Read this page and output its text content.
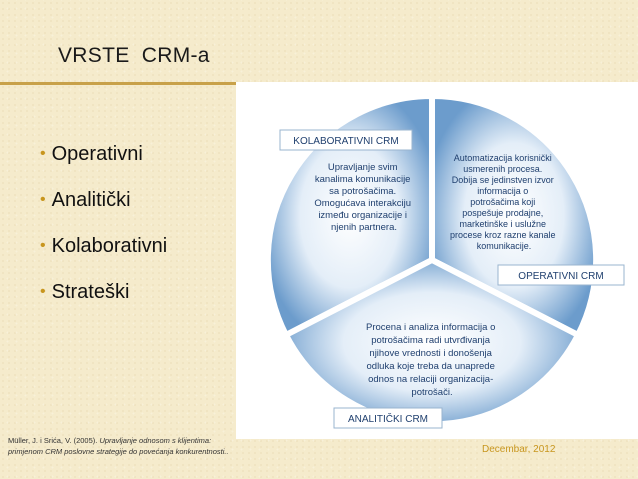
VRSTE  CRM-a
• Operativni
• Analitički
• Kolaborativni
• Strateški
KOLABORATIVNI CRM
OPERATIVNI CRM
ANALITIČKI CRM
Upravljanje svim kanalima komunikacije sa potrošačima. Omogućava interakciju između organizacije i njenih partnera.
Automatizacija korisnički usmerenih procesa. Dobija se jedinstven izvor informacija o potrošačima koji pospešuje prodajne, marketinške i uslužne procese kroz razne kanale komunikacije.
Procena i analiza informacija o potrošačima radi utvrđivanja njihove vrednosti i donošenja odluka koje treba da unaprede odnos na relaciji organizacija- potrošači.
Müller, J. i Srića, V. (2005). Upravljanje odnosom s klijentima:
primjenom CRM poslovne strategije do povećanja konkurentnosti..	Decembar, 2012
